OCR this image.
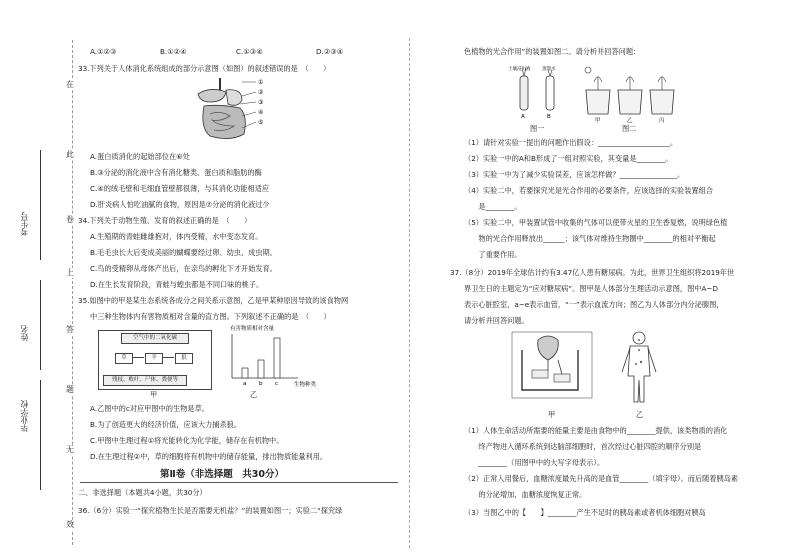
在
此
卷
上
答
题
无
效
考生号
姓名
毕业学校
A.①②③	B.①②④	C.①③④	D.②③④
33.下列关于人体消化系统组成的部分示意图（如图）的叙述错误的是　（　　）
①
②
③
④
⑤
A.蛋白质消化的起始部位在⑥处
B.③分泌的消化液中含有消化糖类、蛋白质和脂肪的酶
C.④的绒毛壁和毛细血管壁都很薄，与其消化功能相适应
D.肝炎病人怕吃油腻的食物，原因是⑦分泌的消化液过少
34.下列关于动物生殖、发育的叙述正确的是　（　　）
A.生殖期的青蛙雌雄抱对，体内受精，水中变态发育。
B.毛毛虫长大后变成美丽的蝴蝶要经过卵、幼虫、成虫期。
C.鸟的受精卵从母体产出后，在亲鸟的孵化下才开始发育。
D.在生长发育阶段，青蛙与蝗虫都是不同口味的桃子。
35.如图中的甲是某生态系统各成分之间关系示意图，乙是甲某种原因导致的该食物网
中三种生物体内有害物质相对含量的直方图。下列叙述不正确的是　（　　）
空气中的二氧化碳
草	羊	狼
残枝、败叶、尸体、粪便等
甲
有害物质相对含量
a b c	生物种类
乙
A.乙图中的c对应甲图中的生物是草。
B.为了创造更大的经济价值，应该大力捕杀狼。
C.甲图中生理过程①将光能转化为化学能，储存在有机物中。
D.在生理过程②中，草的细胞将有机物中的储存能量，排出物质能量利用。
第Ⅱ卷（非选择题　共30分）
二、非选择题（本题共4小题，共30分）
36.（6分）实验一“探究植物生长是否需要无机盐？”的装置如图一；实验二“探究绿
色植物的光合作用”的装置如图二。请分析并回答问题：
土壤浸出液	蒸馏水
A	B
图一
甲	乙	丙
图二
（1）请针对实验一提出的问题作出假设：____________________。
（2）实验一中的A和B形成了一组对照实验，其变量是________。
（3）实验一中为了减少实验误差，应该怎样做？________________。
（4）实验二中，若要探究光是光合作用的必要条件，应该选择的实验装置组合
　　是________。
（5）实验二中，甲装置试管中收集的气体可以使带火星的卫生香复燃，说明绿色植
　　物的光合作用释放出______；该气体对维持生物圈中________的相对平衡起
　　了重要作用。
37.（8分）2019年全球估计约有3.47亿人患有糖尿病。为此，世界卫生组织将2019年世
界卫生日的主题定为“应对糖尿病”。图甲是人体部分生理活动示意图，图中A~D
表示心脏腔室，a~e表示血管，“一”表示血流方向；图乙为人体部分内分泌腺图，
请分析并回答问题。
甲	乙
（1）人体生命活动所需要的能量主要是由食物中的________提供，该类物质的消化
　　终产物进入循环系统到达脑部细胞时，首次经过心脏四腔的顺序分别是
　　________（用图甲中的大写字母表示）。
（2）正常人用餐后，血糖浓度最先升高的是血管________（填字母）。而后随着胰岛素
　　的分泌增加，血糖浓度恢复正常。
（3）当图乙中的【　　】________产生不足时的胰岛素或者机体细胞对胰岛
